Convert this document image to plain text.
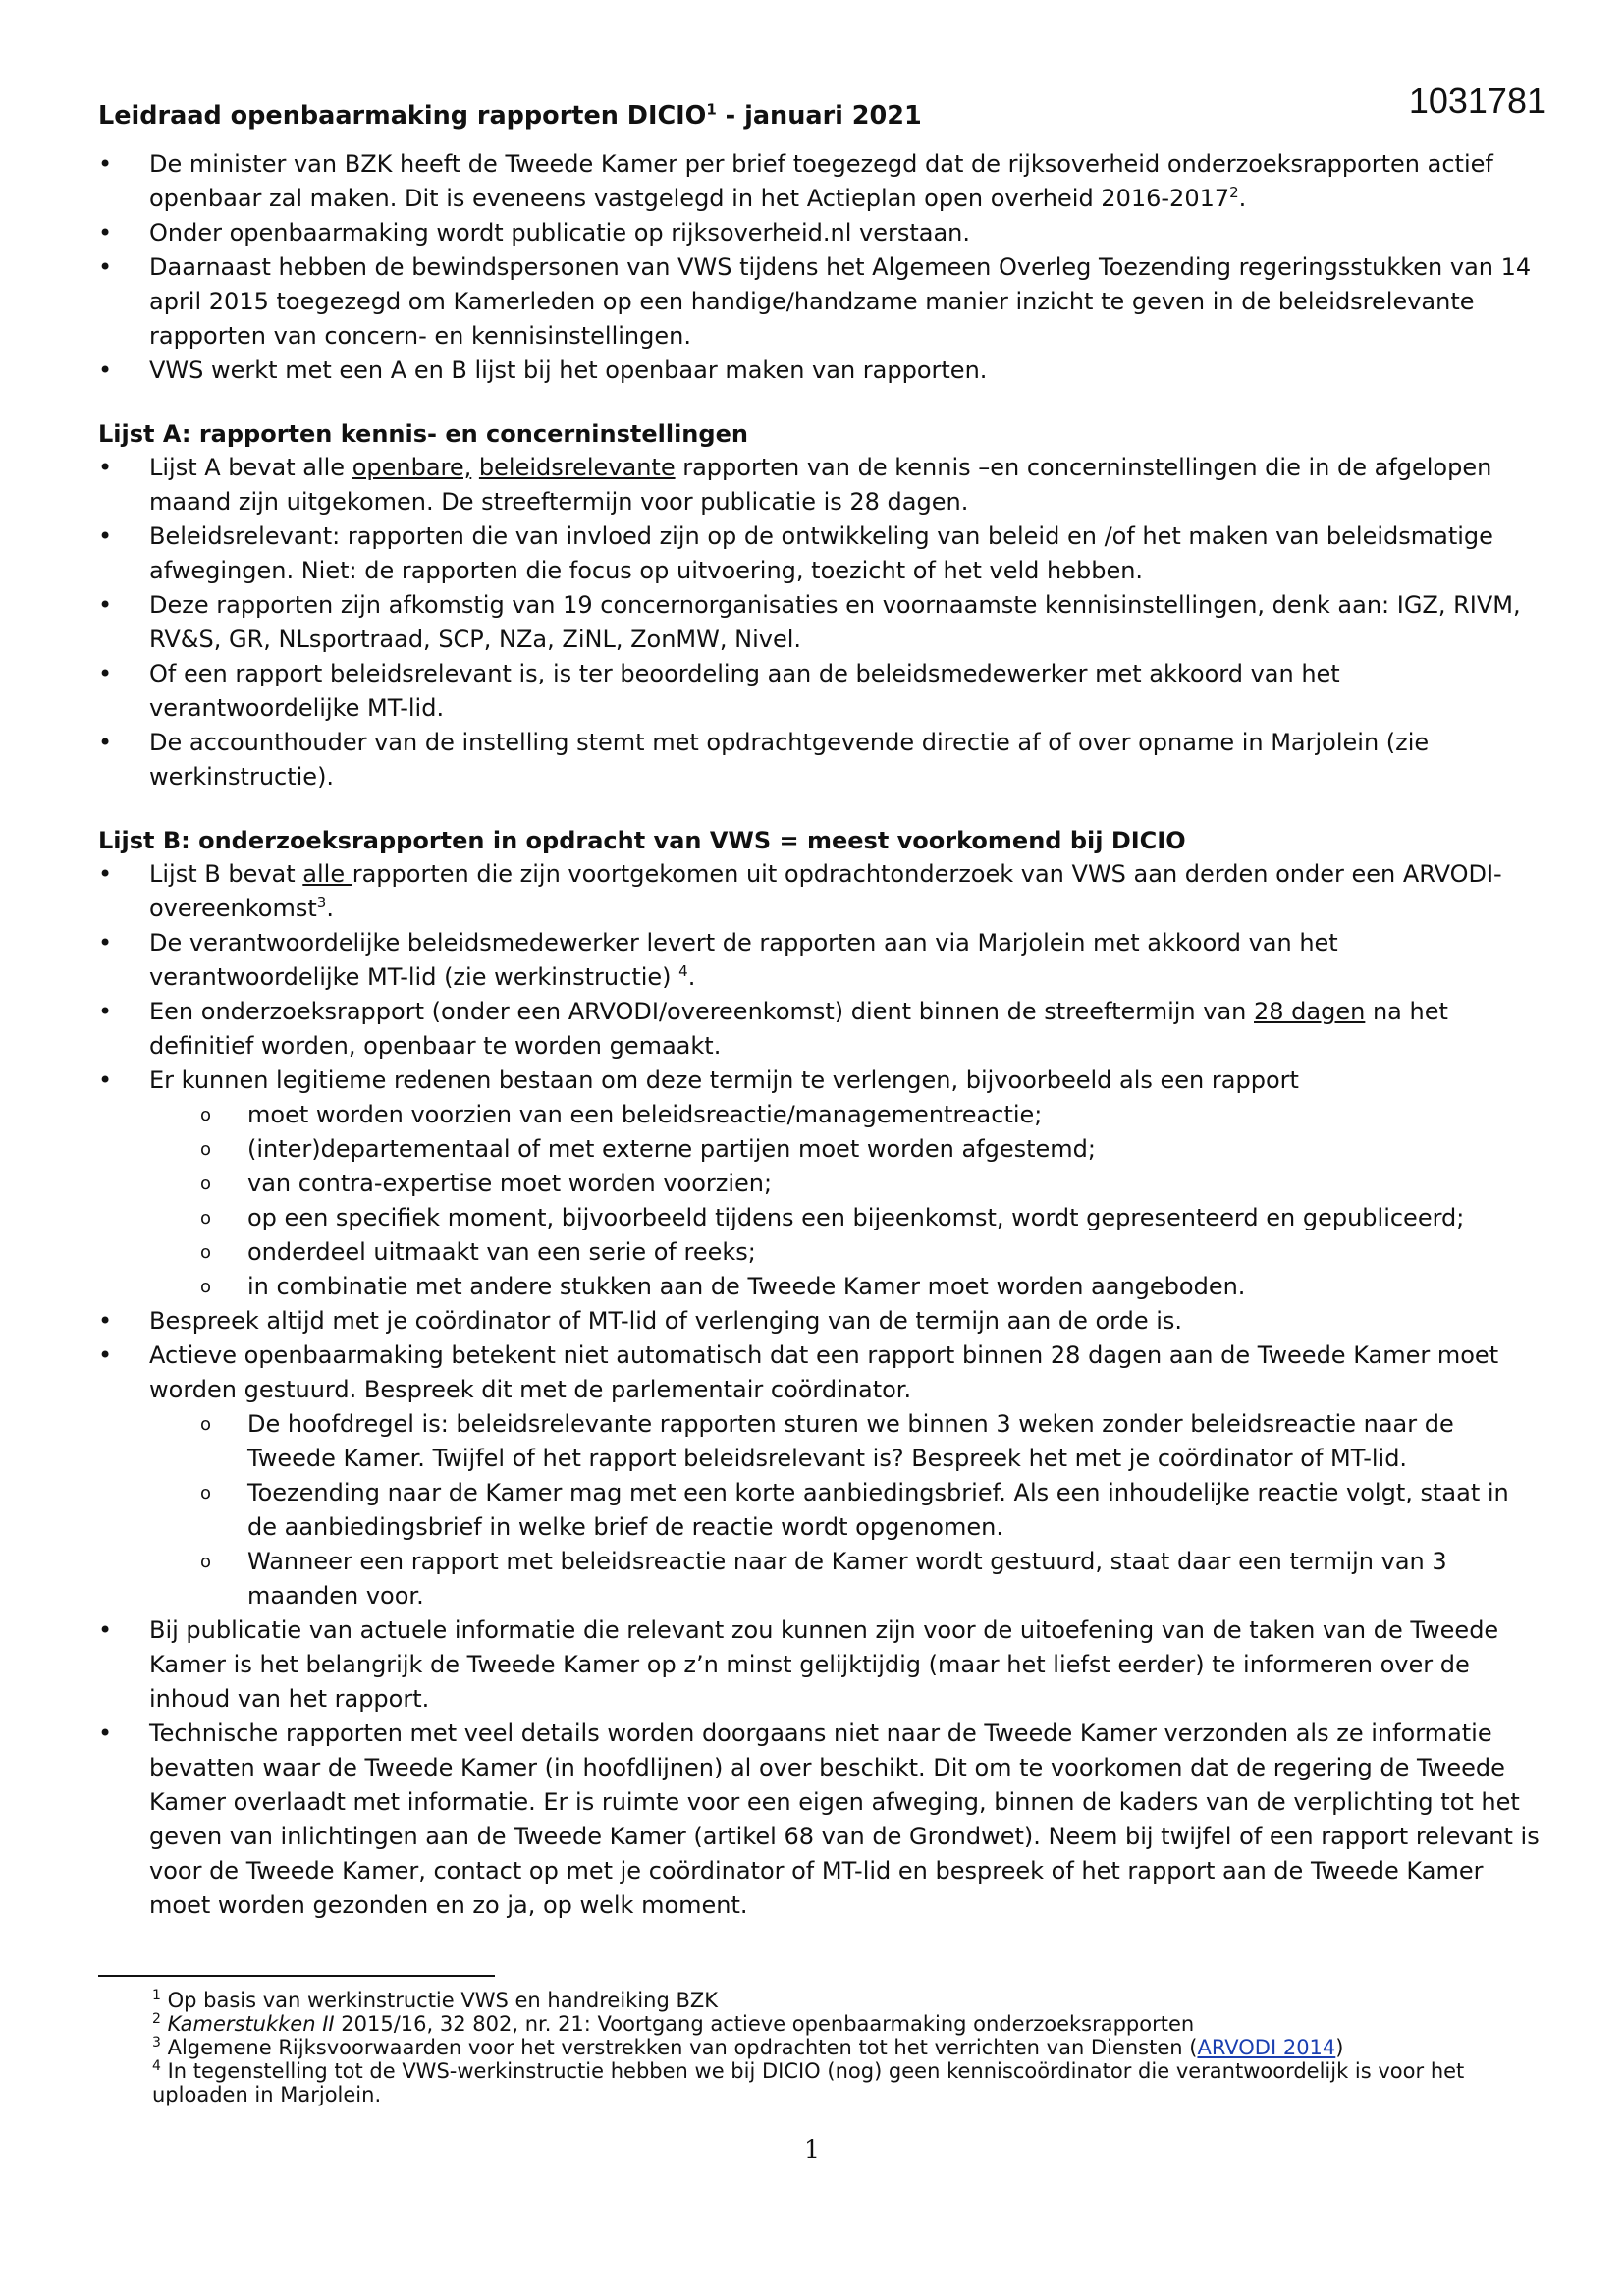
1031781
Leidraad openbaarmaking rapporten DICIO$^1$ - januari 2021
• De minister van BZK heeft de Tweede Kamer per brief toegezegd dat de rijksoverheid onderzoeksrapporten actief openbaar zal maken. Dit is eveneens vastgelegd in het Actieplan open overheid 2016-2017$^2$.
• Onder openbaarmaking wordt publicatie op rijksoverheid.nl verstaan.
• Daarnaast hebben de bewindspersonen van VWS tijdens het Algemeen Overleg Toezending regeringsstukken van 14 april 2015 toegezegd om Kamerleden op een handige/handzame manier inzicht te geven in de beleidsrelevante rapporten van concern- en kennisinstellingen.
• VWS werkt met een A en B lijst bij het openbaar maken van rapporten.
Lijst A: rapporten kennis- en concerninstellingen
• Lijst A bevat alle openbare, beleidsrelevante rapporten van de kennis –en concerninstellingen die in de afgelopen maand zijn uitgekomen. De streeftermijn voor publicatie is 28 dagen.
• Beleidsrelevant: rapporten die van invloed zijn op de ontwikkeling van beleid en /of het maken van beleidsmatige afwegingen. Niet: de rapporten die focus op uitvoering, toezicht of het veld hebben.
• Deze rapporten zijn afkomstig van 19 concernorganisaties en voornaamste kennisinstellingen, denk aan: IGZ, RIVM, RV&S, GR, NLsportraad, SCP, NZa, ZiNL, ZonMW, Nivel.
• Of een rapport beleidsrelevant is, is ter beoordeling aan de beleidsmedewerker met akkoord van het verantwoordelijke MT-lid.
• De accounthouder van de instelling stemt met opdrachtgevende directie af of over opname in Marjolein (zie werkinstructie).
Lijst B: onderzoeksrapporten in opdracht van VWS = meest voorkomend bij DICIO
• Lijst B bevat alle rapporten die zijn voortgekomen uit opdrachtonderzoek van VWS aan derden onder een ARVODI-overeenkomst$^3$.
• De verantwoordelijke beleidsmedewerker levert de rapporten aan via Marjolein met akkoord van het verantwoordelijke MT-lid (zie werkinstructie) $^4$.
• Een onderzoeksrapport (onder een ARVODI/overeenkomst) dient binnen de streeftermijn van 28 dagen na het definitief worden, openbaar te worden gemaakt.
• Er kunnen legitieme redenen bestaan om deze termijn te verlengen, bijvoorbeeld als een rapport
o moet worden voorzien van een beleidsreactie/managementreactie;
o (inter)departementaal of met externe partijen moet worden afgestemd;
o van contra-expertise moet worden voorzien;
o op een specifiek moment, bijvoorbeeld tijdens een bijeenkomst, wordt gepresenteerd en gepubliceerd;
o onderdeel uitmaakt van een serie of reeks;
o in combinatie met andere stukken aan de Tweede Kamer moet worden aangeboden.
• Bespreek altijd met je coördinator of MT-lid of verlenging van de termijn aan de orde is.
• Actieve openbaarmaking betekent niet automatisch dat een rapport binnen 28 dagen aan de Tweede Kamer moet worden gestuurd. Bespreek dit met de parlementair coördinator.
o De hoofdregel is: beleidsrelevante rapporten sturen we binnen 3 weken zonder beleidsreactie naar de Tweede Kamer. Twijfel of het rapport beleidsrelevant is? Bespreek het met je coördinator of MT-lid.
o Toezending naar de Kamer mag met een korte aanbiedingsbrief. Als een inhoudelijke reactie volgt, staat in de aanbiedingsbrief in welke brief de reactie wordt opgenomen.
o Wanneer een rapport met beleidsreactie naar de Kamer wordt gestuurd, staat daar een termijn van 3 maanden voor.
• Bij publicatie van actuele informatie die relevant zou kunnen zijn voor de uitoefening van de taken van de Tweede Kamer is het belangrijk de Tweede Kamer op z’n minst gelijktijdig (maar het liefst eerder) te informeren over de inhoud van het rapport.
• Technische rapporten met veel details worden doorgaans niet naar de Tweede Kamer verzonden als ze informatie bevatten waar de Tweede Kamer (in hoofdlijnen) al over beschikt. Dit om te voorkomen dat de regering de Tweede Kamer overlaadt met informatie. Er is ruimte voor een eigen afweging, binnen de kaders van de verplichting tot het geven van inlichtingen aan de Tweede Kamer (artikel 68 van de Grondwet). Neem bij twijfel of een rapport relevant is voor de Tweede Kamer, contact op met je coördinator of MT-lid en bespreek of het rapport aan de Tweede Kamer moet worden gezonden en zo ja, op welk moment.

$^1$ Op basis van werkinstructie VWS en handreiking BZK

$^2$ Kamerstukken II 2015/16, 32 802, nr. 21: Voortgang actieve openbaarmaking onderzoeksrapporten

$^3$ Algemene Rijksvoorwaarden voor het verstrekken van opdrachten tot het verrichten van Diensten (ARVODI 2014)

$^4$ In tegenstelling tot de VWS-werkinstructie hebben we bij DICIO (nog) geen kenniscoördinator die verantwoordelijk is voor het uploaden in Marjolein.

1
